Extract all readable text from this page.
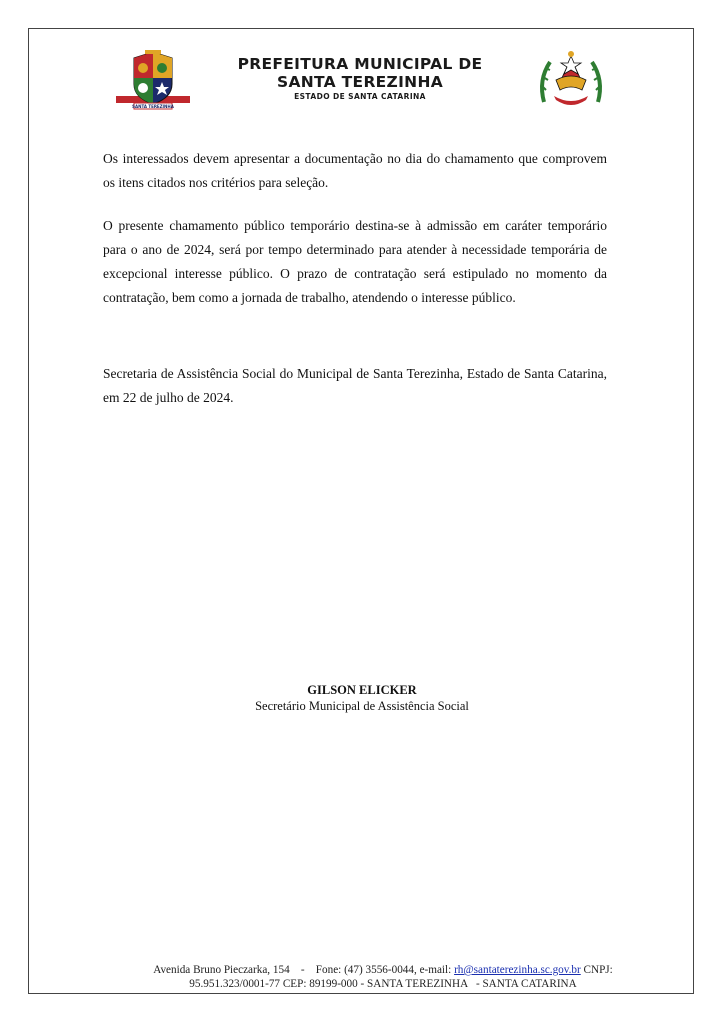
SANTA TEREZINHA
PREFEITURA MUNICIPAL DE
SANTA TEREZINHA
ESTADO DE SANTA CATARINA
Os interessados devem apresentar a documentação no dia do chamamento que comprovem os itens citados nos critérios para seleção.
O presente chamamento público temporário destina-se à admissão em caráter temporário para o ano de 2024, será por tempo determinado para atender à necessidade temporária de excepcional interesse público. O prazo de contratação será estipulado no momento da contratação, bem como a jornada de trabalho, atendendo o interesse público.
Secretaria de Assistência Social do Municipal de Santa Terezinha, Estado de Santa Catarina, em 22 de julho de 2024.
GILSON ELICKER
Secretário Municipal de Assistência Social
Avenida Bruno Pieczarka, 154    -    Fone: (47) 3556-0044, e-mail: rh@santaterezinha.sc.gov.br CNPJ:
95.951.323/0001-77 CEP: 89199-000 - SANTA TEREZINHA   - SANTA CATARINA
